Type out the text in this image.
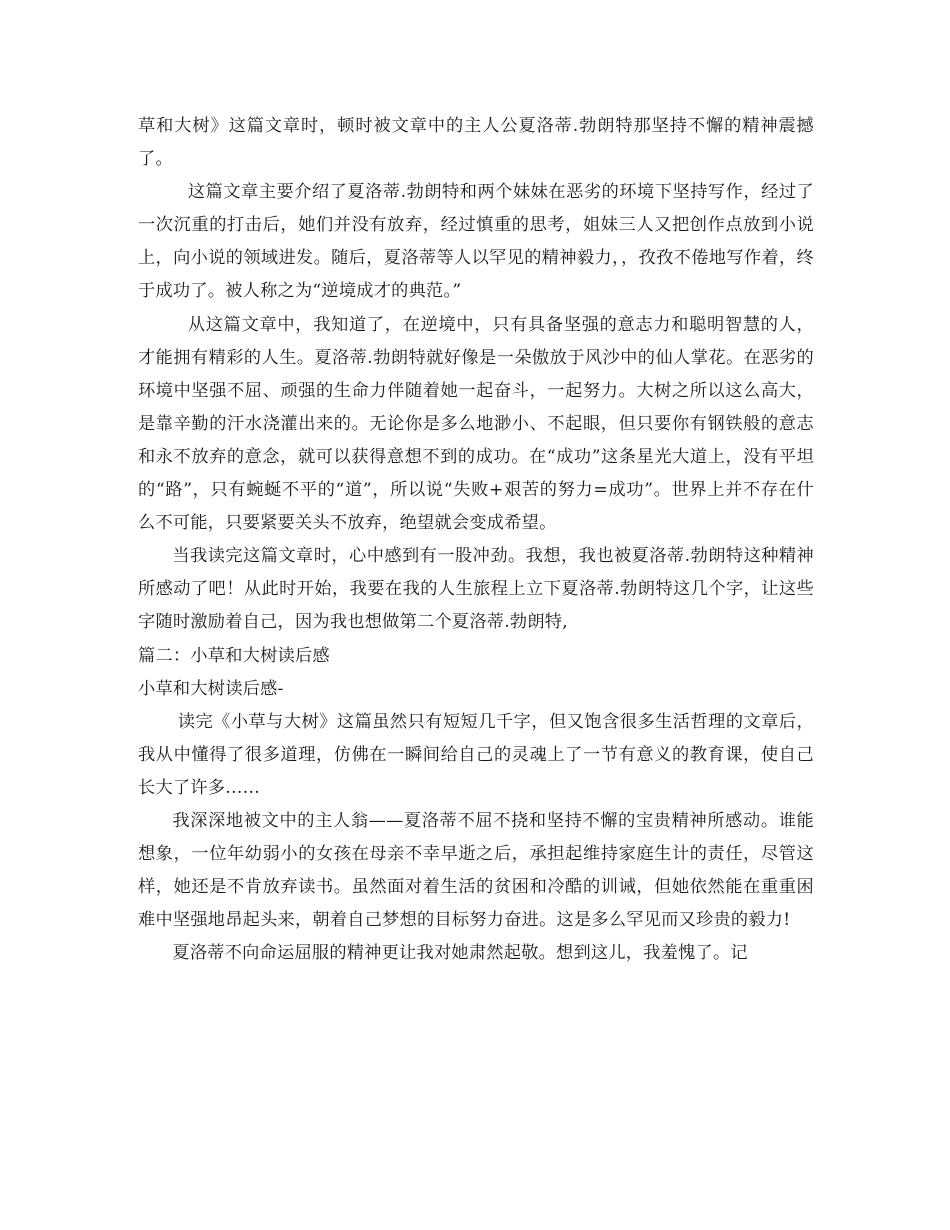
草和大树》这篇文章时，顿时被文章中的主人公夏洛蒂.勃朗特那坚持不懈的精神震撼了。

这篇文章主要介绍了夏洛蒂.勃朗特和两个妹妹在恶劣的环境下坚持写作，经过了一次沉重的打击后，她们并没有放弃，经过慎重的思考，姐妹三人又把创作点放到小说上，向小说的领域进发。随后，夏洛蒂等人以罕见的精神毅力，，孜孜不倦地写作着，终于成功了。被人称之为“逆境成才的典范。”

从这篇文章中，我知道了，在逆境中，只有具备坚强的意志力和聪明智慧的人，才能拥有精彩的人生。夏洛蒂.勃朗特就好像是一朵傲放于风沙中的仙人掌花。在恶劣的环境中坚强不屈、顽强的生命力伴随着她一起奋斗，一起努力。大树之所以这么高大，是靠辛勤的汗水浇灌出来的。无论你是多么地渺小、不起眼，但只要你有钢铁般的意志和永不放弃的意念，就可以获得意想不到的成功。在“成功”这条星光大道上，没有平坦的“路”，只有蜿蜒不平的“道”，所以说“失败+艰苦的努力=成功”。世界上并不存在什么不可能，只要紧要关头不放弃，绝望就会变成希望。

当我读完这篇文章时，心中感到有一股冲劲。我想，我也被夏洛蒂.勃朗特这种精神所感动了吧！从此时开始，我要在我的人生旅程上立下夏洛蒂.勃朗特这几个字，让这些字随时激励着自己，因为我也想做第二个夏洛蒂.勃朗特,

篇二：小草和大树读后感

小草和大树读后感-

读完《小草与大树》这篇虽然只有短短几千字，但又饱含很多生活哲理的文章后，我从中懂得了很多道理，仿佛在一瞬间给自己的灵魂上了一节有意义的教育课，使自己长大了许多……

我深深地被文中的主人翁——夏洛蒂不屈不挠和坚持不懈的宝贵精神所感动。谁能想象，一位年幼弱小的女孩在母亲不幸早逝之后，承担起维持家庭生计的责任，尽管这样，她还是不肯放弃读书。虽然面对着生活的贫困和冷酷的训诫，但她依然能在重重困难中坚强地昂起头来，朝着自己梦想的目标努力奋进。这是多么罕见而又珍贵的毅力!

夏洛蒂不向命运屈服的精神更让我对她肃然起敬。想到这儿，我羞愧了。记
